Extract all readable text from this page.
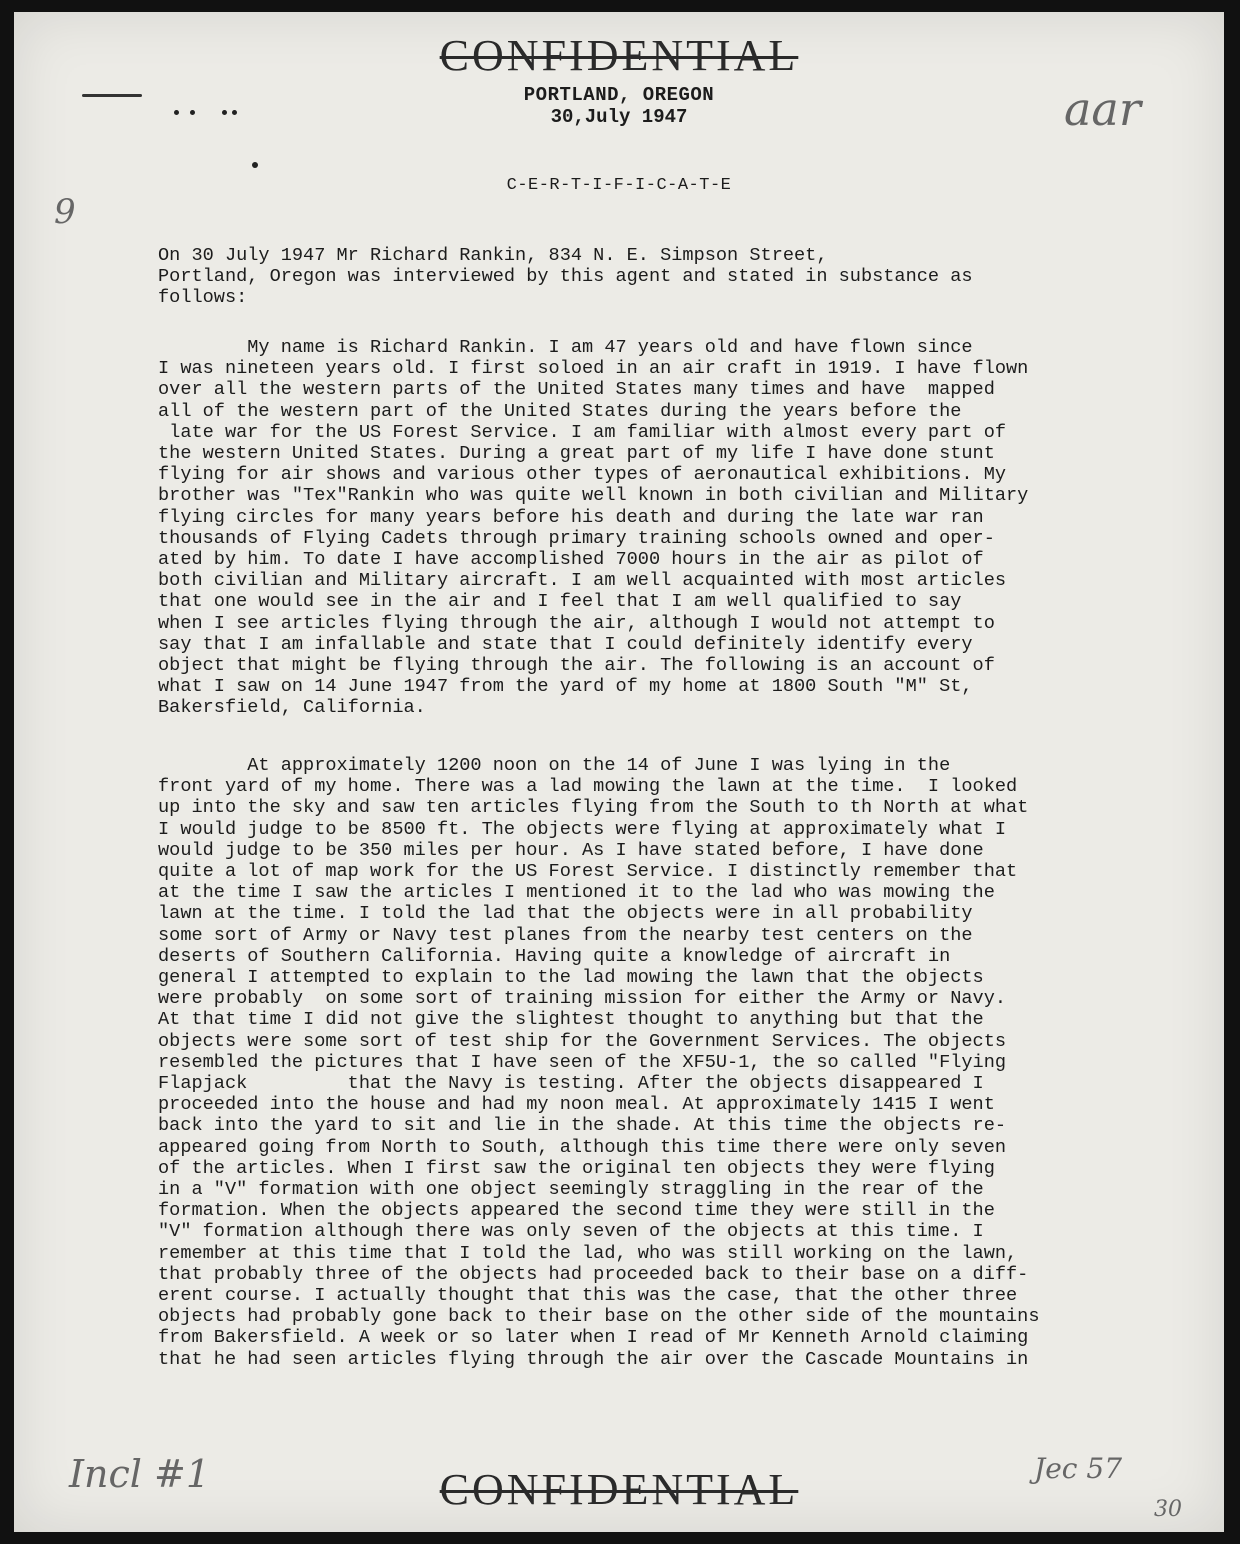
CONFIDENTIAL
PORTLAND, OREGON
30,July 1947	aar
C-E-R-T-I-F-I-C-A-T-E
9
On 30 July 1947 Mr Richard Rankin, 834 N. E. Simpson Street,
Portland, Oregon was interviewed by this agent and stated in substance as
follows:
My name is Richard Rankin. I am 47 years old and have flown since
I was nineteen years old. I first soloed in an air craft in 1919. I have flown
over all the western parts of the United States many times and have  mapped
all of the western part of the United States during the years before the
late war for the US Forest Service. I am familiar with almost every part of
the western United States. During a great part of my life I have done stunt
flying for air shows and various other types of aeronautical exhibitions. My
brother was "Tex"Rankin who was quite well known in both civilian and Military
flying circles for many years before his death and during the late war ran
thousands of Flying Cadets through primary training schools owned and oper-
ated by him. To date I have accomplished 7000 hours in the air as pilot of
both civilian and Military aircraft. I am well acquainted with most articles
that one would see in the air and I feel that I am well qualified to say
when I see articles flying through the air, although I would not attempt to
say that I am infallable and state that I could definitely identify every
object that might be flying through the air. The following is an account of
what I saw on 14 June 1947 from the yard of my home at 1800 South "M" St,
Bakersfield, California.
At approximately 1200 noon on the 14 of June I was lying in the
front yard of my home. There was a lad mowing the lawn at the time.  I looked
up into the sky and saw ten articles flying from the South to th North at what
I would judge to be 8500 ft. The objects were flying at approximately what I
would judge to be 350 miles per hour. As I have stated before, I have done
quite a lot of map work for the US Forest Service. I distinctly remember that
at the time I saw the articles I mentioned it to the lad who was mowing the
lawn at the time. I told the lad that the objects were in all probability
some sort of Army or Navy test planes from the nearby test centers on the
deserts of Southern California. Having quite a knowledge of aircraft in
general I attempted to explain to the lad mowing the lawn that the objects
were probably  on some sort of training mission for either the Army or Navy.
At that time I did not give the slightest thought to anything but that the
objects were some sort of test ship for the Government Services. The objects
resembled the pictures that I have seen of the XF5U-1, the so called "Flying
Flapjack         that the Navy is testing. After the objects disappeared I
proceeded into the house and had my noon meal. At approximately 1415 I went
back into the yard to sit and lie in the shade. At this time the objects re-
appeared going from North to South, although this time there were only seven
of the articles. When I first saw the original ten objects they were flying
in a "V" formation with one object seemingly straggling in the rear of the
formation. When the objects appeared the second time they were still in the
"V" formation although there was only seven of the objects at this time. I
remember at this time that I told the lad, who was still working on the lawn,
that probably three of the objects had proceeded back to their base on a diff-
erent course. I actually thought that this was the case, that the other three
objects had probably gone back to their base on the other side of the mountains
from Bakersfield. A week or so later when I read of Mr Kenneth Arnold claiming
that he had seen articles flying through the air over the Cascade Mountains in
Incl #1	Jec 57
30
CONFIDENTIAL
